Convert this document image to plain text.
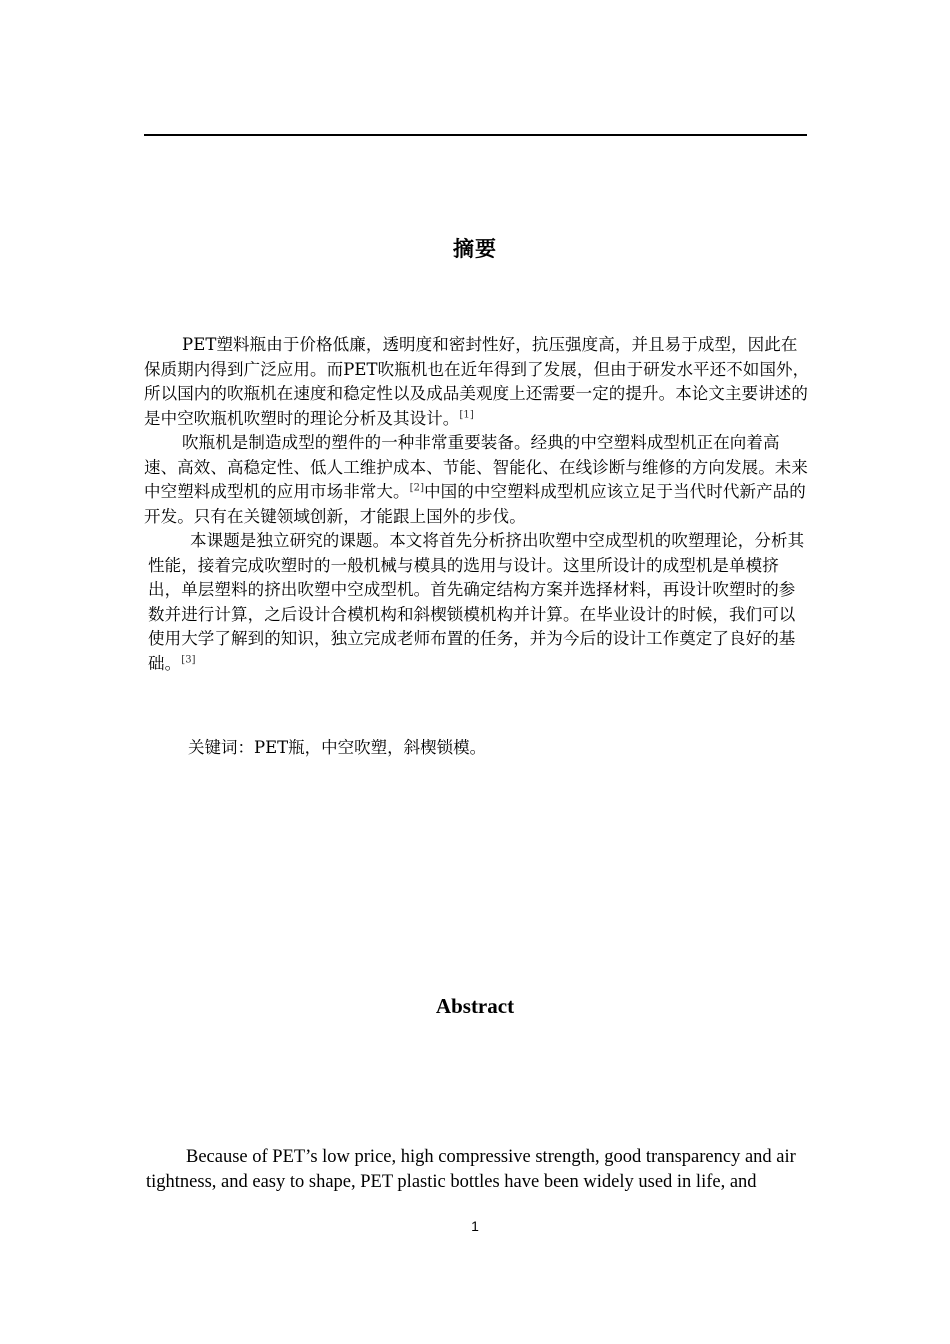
摘要

PET塑料瓶由于价格低廉，透明度和密封性好，抗压强度高，并且易于成型，因此在保质期内得到广泛应用。而PET吹瓶机也在近年得到了发展，但由于研发水平还不如国外，所以国内的吹瓶机在速度和稳定性以及成品美观度上还需要一定的提升。本论文主要讲述的是中空吹瓶机吹塑时的理论分析及其设计。[1]

吹瓶机是制造成型的塑件的一种非常重要装备。经典的中空塑料成型机正在向着高速、高效、高稳定性、低人工维护成本、节能、智能化、在线诊断与维修的方向发展。未来中空塑料成型机的应用市场非常大。[2]中国的中空塑料成型机应该立足于当代时代新产品的开发。只有在关键领域创新，才能跟上国外的步伐。

本课题是独立研究的课题。本文将首先分析挤出吹塑中空成型机的吹塑理论，分析其性能，接着完成吹塑时的一般机械与模具的选用与设计。这里所设计的成型机是单模挤出，单层塑料的挤出吹塑中空成型机。首先确定结构方案并选择材料，再设计吹塑时的参数并进行计算，之后设计合模机构和斜楔锁模机构并计算。在毕业设计的时候，我们可以使用大学了解到的知识，独立完成老师布置的任务，并为今后的设计工作奠定了良好的基础。[3]

关键词：PET瓶，中空吹塑，斜楔锁模。
Abstract

Because of PET’s low price, high compressive strength, good transparency and air tightness, and easy to shape, PET plastic bottles have been widely used in life, and

1
